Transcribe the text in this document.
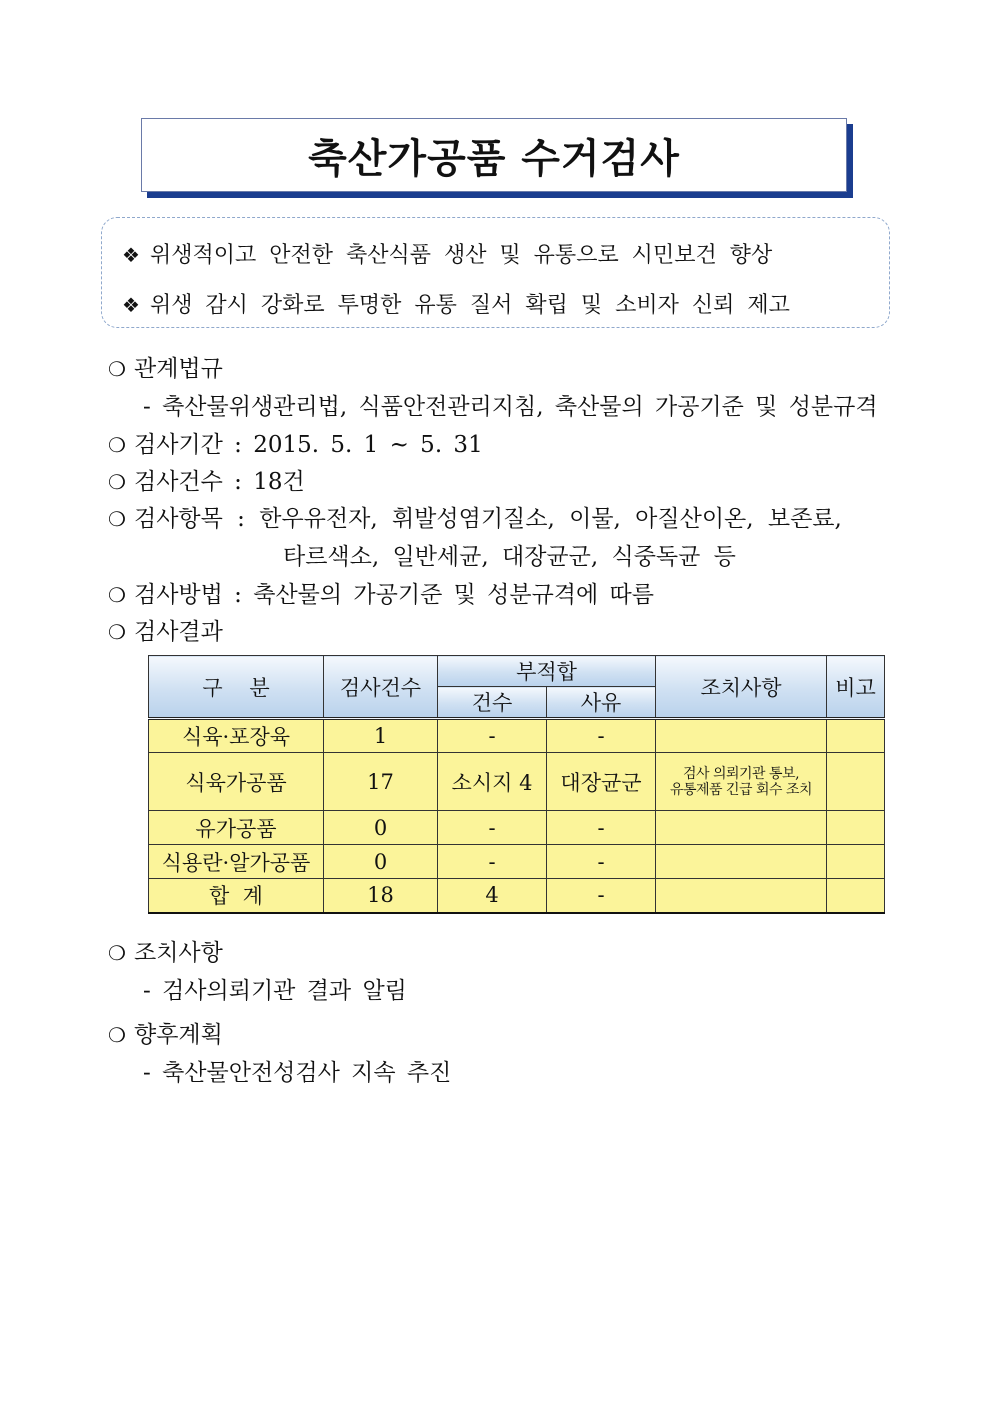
축산가공품 수거검사
❖ 위생적이고 안전한 축산식품 생산 및 유통으로 시민보건 향상
❖ 위생 감시 강화로 투명한 유통 질서 확립 및 소비자 신뢰 제고
❍ 관계법규
- 축산물위생관리법, 식품안전관리지침, 축산물의 가공기준 및 성분규격
❍ 검사기간 : 2015. 5. 1 ~ 5. 31
❍ 검사건수 : 18건
❍ 검사항목 : 한우유전자, 휘발성염기질소, 이물, 아질산이온, 보존료,
타르색소, 일반세균, 대장균군, 식중독균 등
❍ 검사방법 : 축산물의 가공기준 및 성분규격에 따름
❍ 검사결과
구    분	검사건수	부적합		조치사항	비고
		건수	사유		
식육·포장육	1	-	-		
식육가공품	17	소시지 4	대장균군	검사 의뢰기관 통보,
유통제품 긴급 회수 조치	

유가공품	0	-	-		
식용란·알가공품	0	-	-		
합  계	18	4	-		
❍ 조치사항
- 검사의뢰기관 결과 알림
❍ 향후계획
- 축산물안전성검사 지속 추진
